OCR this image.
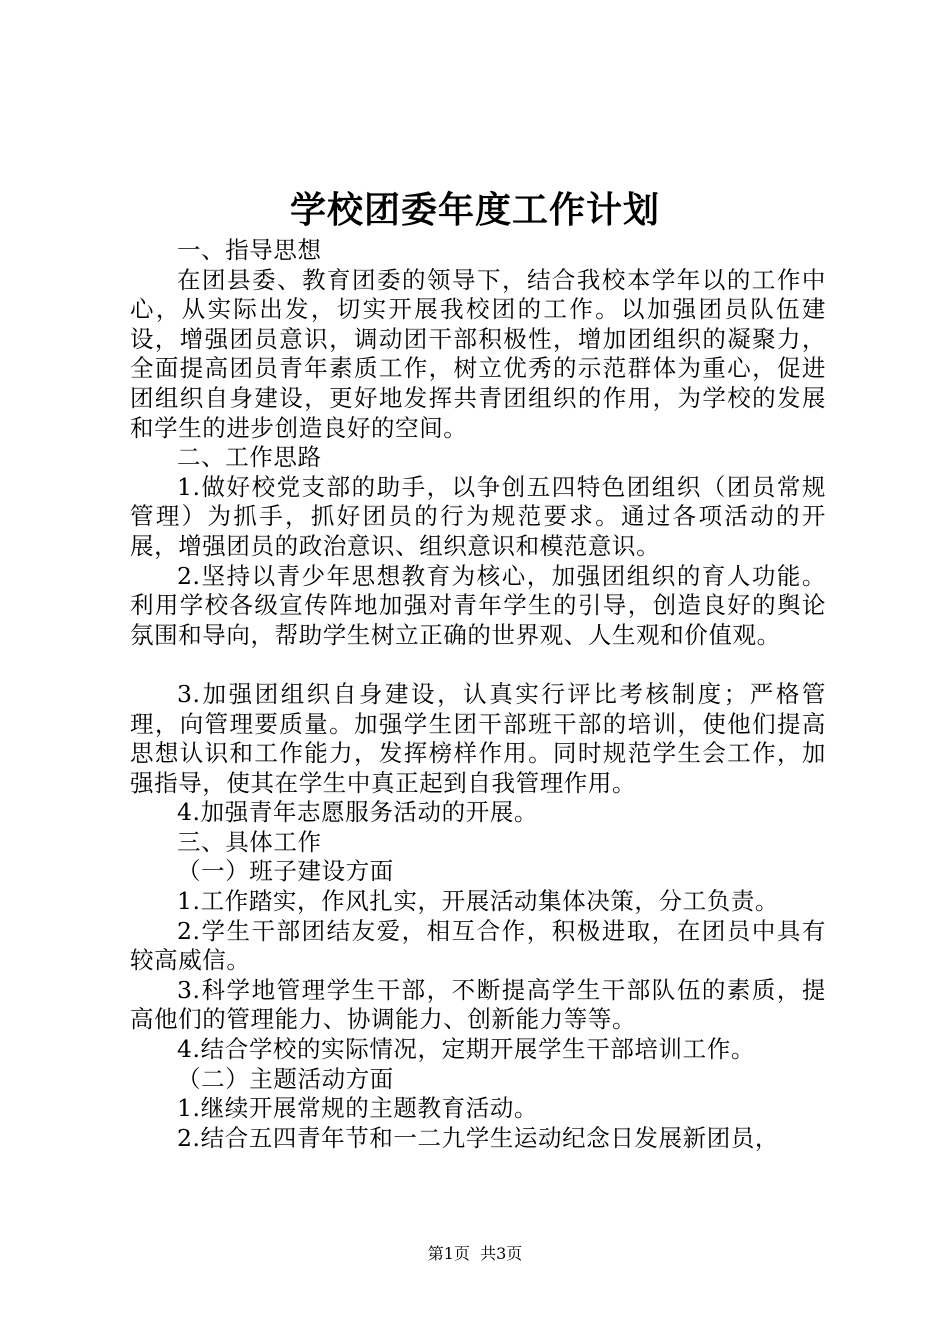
学校团委年度工作计划

一、指导思想

在团县委、教育团委的领导下，结合我校本学年以的工作中心，从实际出发，切实开展我校团的工作。以加强团员队伍建设，增强团员意识，调动团干部积极性，增加团组织的凝聚力，全面提高团员青年素质工作，树立优秀的示范群体为重心，促进团组织自身建设，更好地发挥共青团组织的作用，为学校的发展和学生的进步创造良好的空间。

二、工作思路

1.做好校党支部的助手，以争创五四特色团组织（团员常规管理）为抓手，抓好团员的行为规范要求。通过各项活动的开展，增强团员的政治意识、组织意识和模范意识。

2.坚持以青少年思想教育为核心，加强团组织的育人功能。利用学校各级宣传阵地加强对青年学生的引导，创造良好的舆论氛围和导向，帮助学生树立正确的世界观、人生观和价值观。

3.加强团组织自身建设，认真实行评比考核制度；严格管理，向管理要质量。加强学生团干部班干部的培训，使他们提高思想认识和工作能力，发挥榜样作用。同时规范学生会工作，加强指导，使其在学生中真正起到自我管理作用。

4.加强青年志愿服务活动的开展。

三、具体工作

（一）班子建设方面

1.工作踏实，作风扎实，开展活动集体决策，分工负责。

2.学生干部团结友爱，相互合作，积极进取，在团员中具有较高威信。

3.科学地管理学生干部，不断提高学生干部队伍的素质，提高他们的管理能力、协调能力、创新能力等等。

4.结合学校的实际情况，定期开展学生干部培训工作。

（二）主题活动方面

1.继续开展常规的主题教育活动。

2.结合五四青年节和一二九学生运动纪念日发展新团员，

第1页 共3页
